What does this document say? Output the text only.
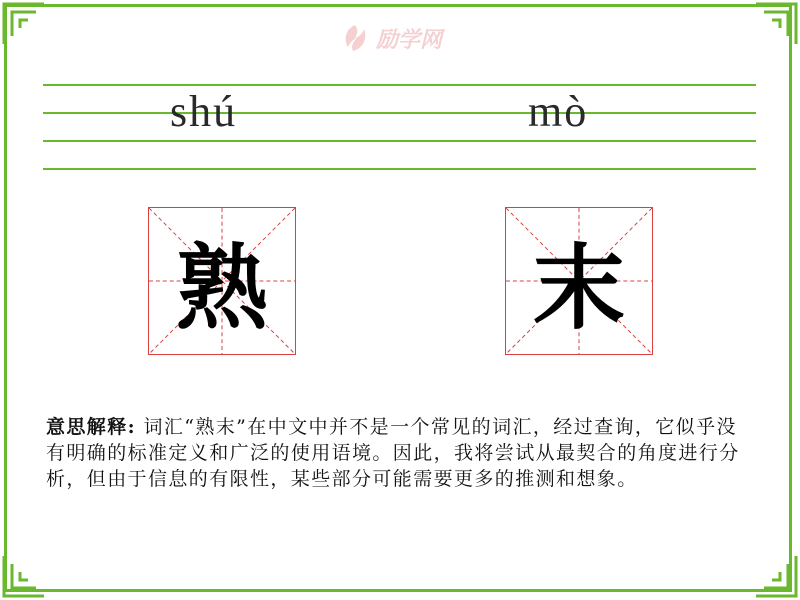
励学网
shú	mò
熟	末
意思解释: 词汇“熟末”在中文中并不是一个常见的词汇，经过查询，它似乎没有明确的标准定义和广泛的使用语境。因此，我将尝试从最契合的角度进行分析，但由于信息的有限性，某些部分可能需要更多的推测和想象。
